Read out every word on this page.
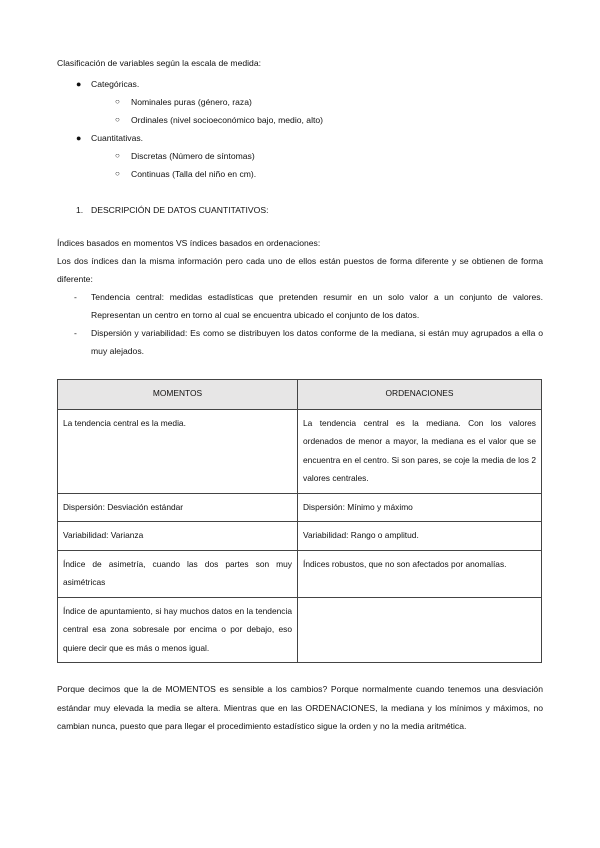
Clasificación de variables según la escala de medida:

● Categóricas.
○ Nominales puras (género, raza)
○ Ordinales (nivel socioeconómico bajo, medio, alto)
● Cuantitativas.
○ Discretas (Número de síntomas)
○ Continuas (Talla del niño en cm).

1. DESCRIPCIÓN DE DATOS CUANTITATIVOS:

Índices basados en momentos VS índices basados en ordenaciones:

Los dos índices dan la misma información pero cada uno de ellos están puestos de forma diferente y se obtienen de forma diferente:

- Tendencia central: medidas estadísticas que pretenden resumir en un solo valor a un conjunto de valores. Representan un centro en torno al cual se encuentra ubicado el conjunto de los datos.
- Dispersión y variabilidad: Es como se distribuyen los datos conforme de la mediana, si están muy agrupados a ella o muy alejados.
MOMENTOS	ORDENACIONES
La tendencia central es la media.	La tendencia central es la mediana. Con los valores ordenados de menor a mayor, la mediana es el valor que se encuentra en el centro. Si son pares, se coje la media de los 2 valores centrales.
Dispersión: Desviación estándar	Dispersión: Mínimo y máximo
Variabilidad: Varianza	Variabilidad: Rango o amplitud.
Índice de asimetría, cuando las dos partes son muy asimétricas	Índices robustos, que no son afectados por anomalías.
Índice de apuntamiento, si hay muchos datos en la tendencia central esa zona sobresale por encima o por debajo, eso quiere decir que es más o menos igual.	

Porque decimos que la de MOMENTOS es sensible a los cambios? Porque normalmente cuando tenemos una desviación estándar muy elevada la media se altera. Mientras que en las ORDENACIONES, la mediana y los mínimos y máximos, no cambian nunca, puesto que para llegar el procedimiento estadístico sigue la orden y no la media aritmética.
